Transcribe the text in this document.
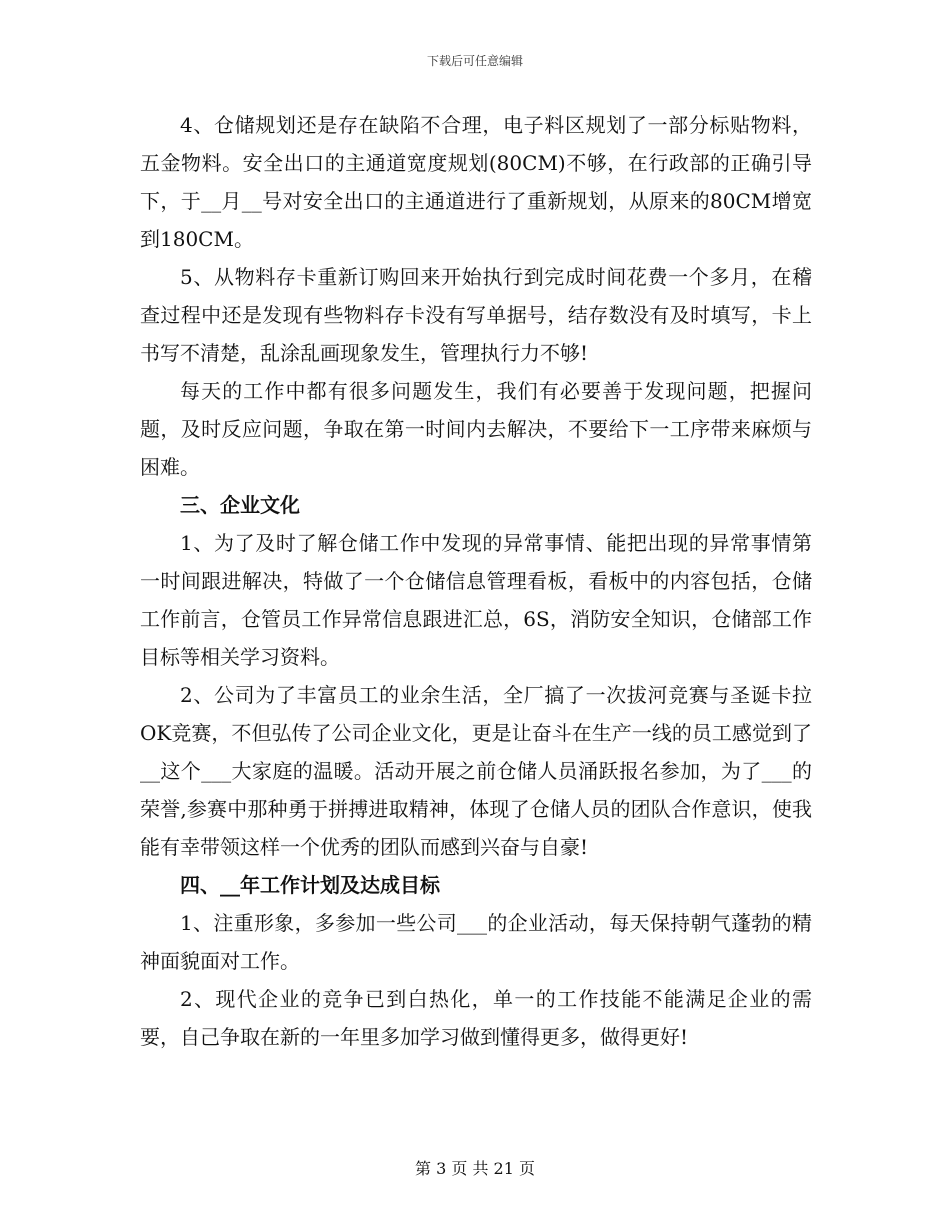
下载后可任意编辑

4、仓储规划还是存在缺陷不合理，电子料区规划了一部分标贴物料，五金物料。安全出口的主通道宽度规划(80CM)不够，在行政部的正确引导下，于__月__号对安全出口的主通道进行了重新规划，从原来的80CM增宽到180CM。

5、从物料存卡重新订购回来开始执行到完成时间花费一个多月，在稽查过程中还是发现有些物料存卡没有写单据号，结存数没有及时填写，卡上书写不清楚，乱涂乱画现象发生，管理执行力不够!

每天的工作中都有很多问题发生，我们有必要善于发现问题，把握问题，及时反应问题，争取在第一时间内去解决，不要给下一工序带来麻烦与困难。

三、企业文化

1、为了及时了解仓储工作中发现的异常事情、能把出现的异常事情第一时间跟进解决，特做了一个仓储信息管理看板，看板中的内容包括，仓储工作前言，仓管员工作异常信息跟进汇总，6S，消防安全知识，仓储部工作目标等相关学习资料。

2、公司为了丰富员工的业余生活，全厂搞了一次拔河竞赛与圣诞卡拉OK竞赛，不但弘传了公司企业文化，更是让奋斗在生产一线的员工感觉到了__这个___大家庭的温暖。活动开展之前仓储人员涌跃报名参加，为了___的荣誉,参赛中那种勇于拼搏进取精神，体现了仓储人员的团队合作意识，使我能有幸带领这样一个优秀的团队而感到兴奋与自豪!

四、__年工作计划及达成目标

1、注重形象，多参加一些公司___的企业活动，每天保持朝气蓬勃的精神面貌面对工作。

2、现代企业的竞争已到白热化，单一的工作技能不能满足企业的需要，自己争取在新的一年里多加学习做到懂得更多，做得更好!

第 3 页 共 21 页
